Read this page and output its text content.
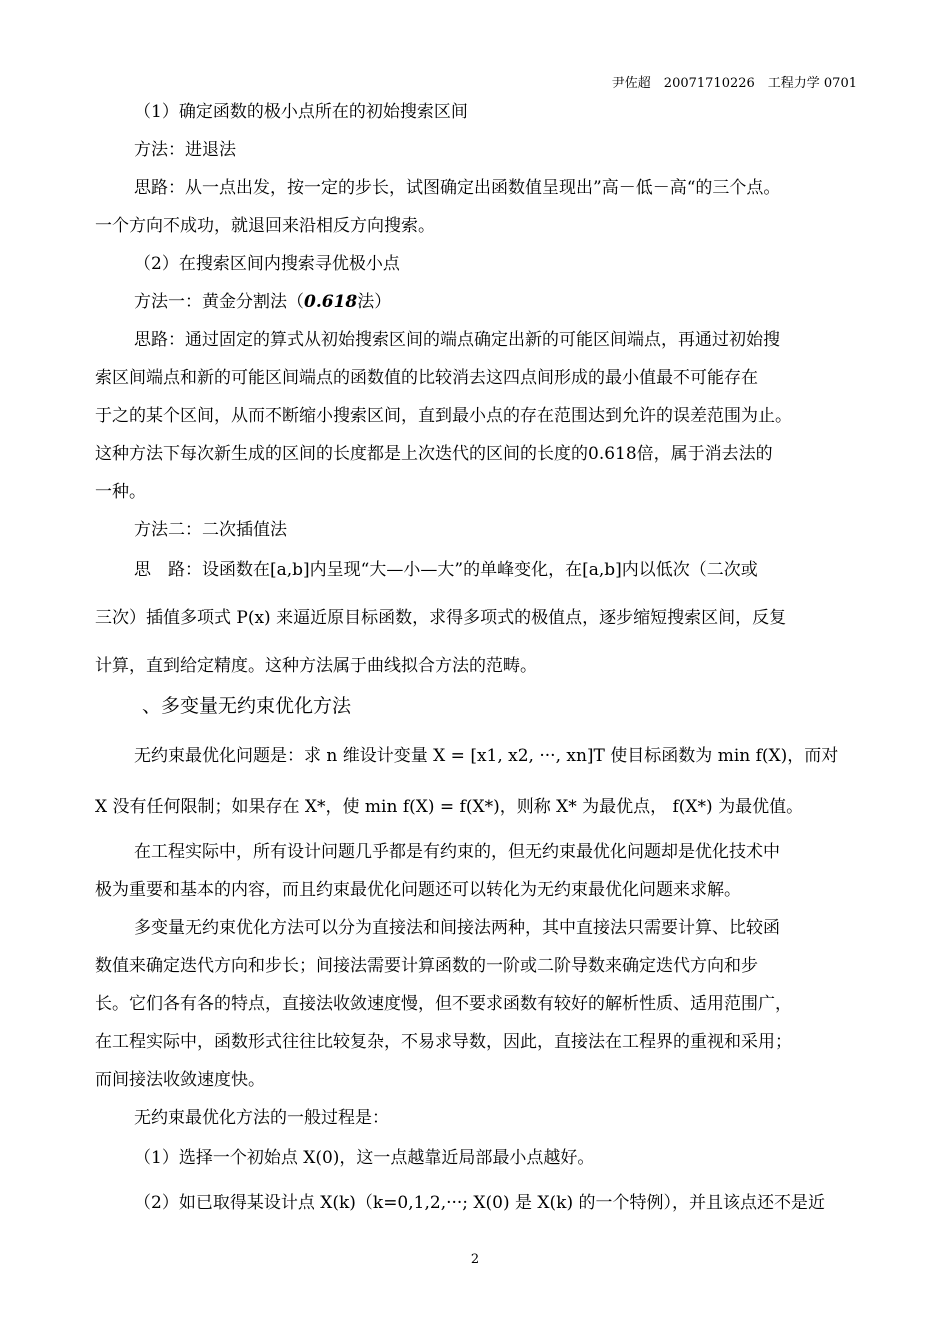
尹佐超　20071710226　工程力学 0701
（1）确定函数的极小点所在的初始搜索区间
方法：进退法
思路：从一点出发，按一定的步长，试图确定出函数值呈现出”高－低－高“的三个点。
一个方向不成功，就退回来沿相反方向搜索。
（2）在搜索区间内搜索寻优极小点
方法一：黄金分割法（0.618法）
思路：通过固定的算式从初始搜索区间的端点确定出新的可能区间端点，再通过初始搜
索区间端点和新的可能区间端点的函数值的比较消去这四点间形成的最小值最不可能存在
于之的某个区间，从而不断缩小搜索区间，直到最小点的存在范围达到允许的误差范围为止。
这种方法下每次新生成的区间的长度都是上次迭代的区间的长度的0.618倍，属于消去法的
一种。
方法二：二次插值法
思　路：设函数在[a,b]内呈现“大—小—大”的单峰变化，在[a,b]内以低次（二次或
三次）插值多项式 P(x) 来逼近原目标函数，求得多项式的极值点，逐步缩短搜索区间，反复
计算，直到给定精度。这种方法属于曲线拟合方法的范畴。
、多变量无约束优化方法
无约束最优化问题是：求 n 维设计变量 X = [x1, x2, ···, xn]T 使目标函数为 min f(X)，而对
X 没有任何限制；如果存在 X*，使 min f(X) = f(X*)，则称 X* 为最优点， f(X*) 为最优值。
在工程实际中，所有设计问题几乎都是有约束的，但无约束最优化问题却是优化技术中
极为重要和基本的内容，而且约束最优化问题还可以转化为无约束最优化问题来求解。
多变量无约束优化方法可以分为直接法和间接法两种，其中直接法只需要计算、比较函
数值来确定迭代方向和步长；间接法需要计算函数的一阶或二阶导数来确定迭代方向和步
长。它们各有各的特点，直接法收敛速度慢，但不要求函数有较好的解析性质、适用范围广，
在工程实际中，函数形式往往比较复杂，不易求导数，因此，直接法在工程界的重视和采用；
而间接法收敛速度快。
无约束最优化方法的一般过程是：
（1）选择一个初始点 X(0)，这一点越靠近局部最小点越好。
（2）如已取得某设计点 X(k)（k=0,1,2,···; X(0) 是 X(k) 的一个特例），并且该点还不是近
2
